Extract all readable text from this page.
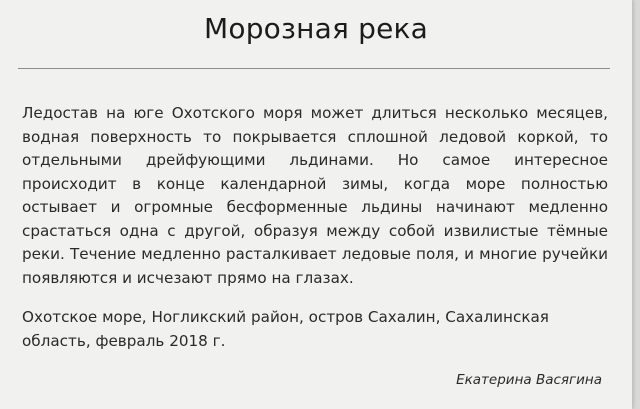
Морозная река

Ледостав на юге Охотского моря может длиться несколько месяцев, водная поверхность то покрывается сплошной ледовой коркой, то отдельными дрейфующими льдинами. Но самое интересное происходит в конце календарной зимы, когда море полностью остывает и огромные бесформенные льдины начинают медленно срастаться одна с другой, образуя между собой извилистые тёмные реки. Течение медленно расталкивает ледовые поля, и многие ручейки появляются и исчезают прямо на глазах.

Охотское море, Ногликский район, остров Сахалин, Сахалинская область, февраль 2018 г.

Екатерина Васягина
